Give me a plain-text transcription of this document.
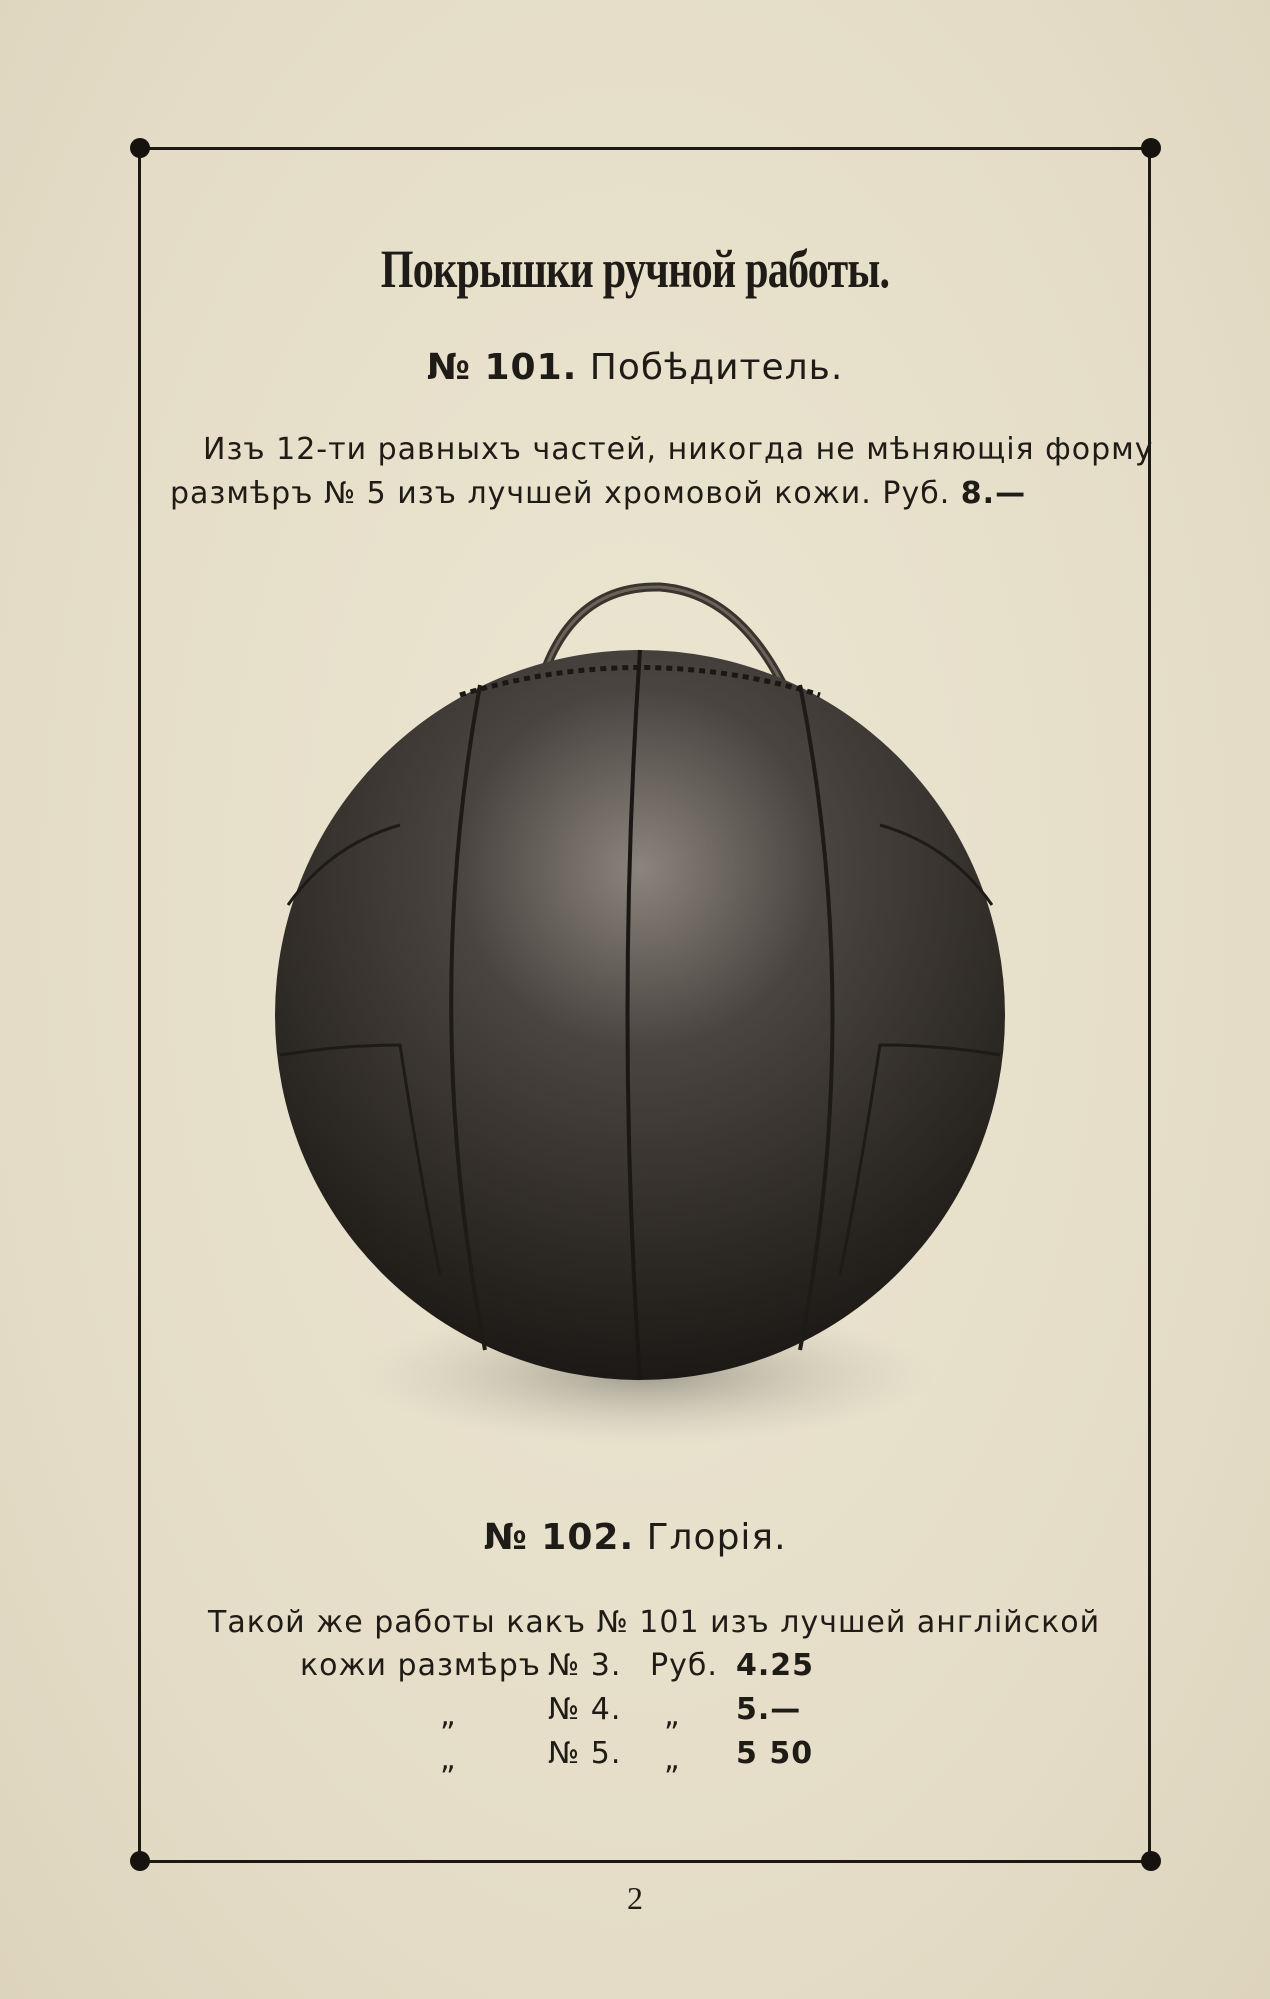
Покрышки ручной работы.
№ 101. Побѣдитель.
Изъ 12-ти равныхъ частей, никогда не мѣняющія форму
размѣръ № 5 изъ лучшей хромовой кожи. Руб. 8.—
№ 102. Глорія.
Такой же работы какъ № 101 изъ лучшей англійской
кожи размѣръ
„
„
№ 3.
№ 4.
№ 5.
Руб.
„
„
4.25
5.—
5 50
2
